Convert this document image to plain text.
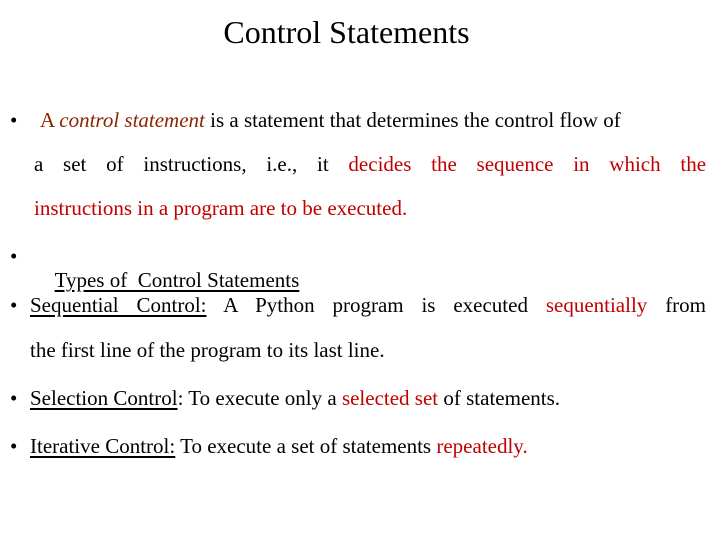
Control Statements
• A control statement is a statement that determines the control flow of
a set of instructions, i.e., it decides the sequence in which the
instructions in a program are to be executed.
•

Types of  Control Statements

• Sequential Control: A Python program is executed sequentially from
the first line of the program to its last line.
• Selection Control: To execute only a selected set of statements.
• Iterative Control: To execute a set of statements repeatedly.
